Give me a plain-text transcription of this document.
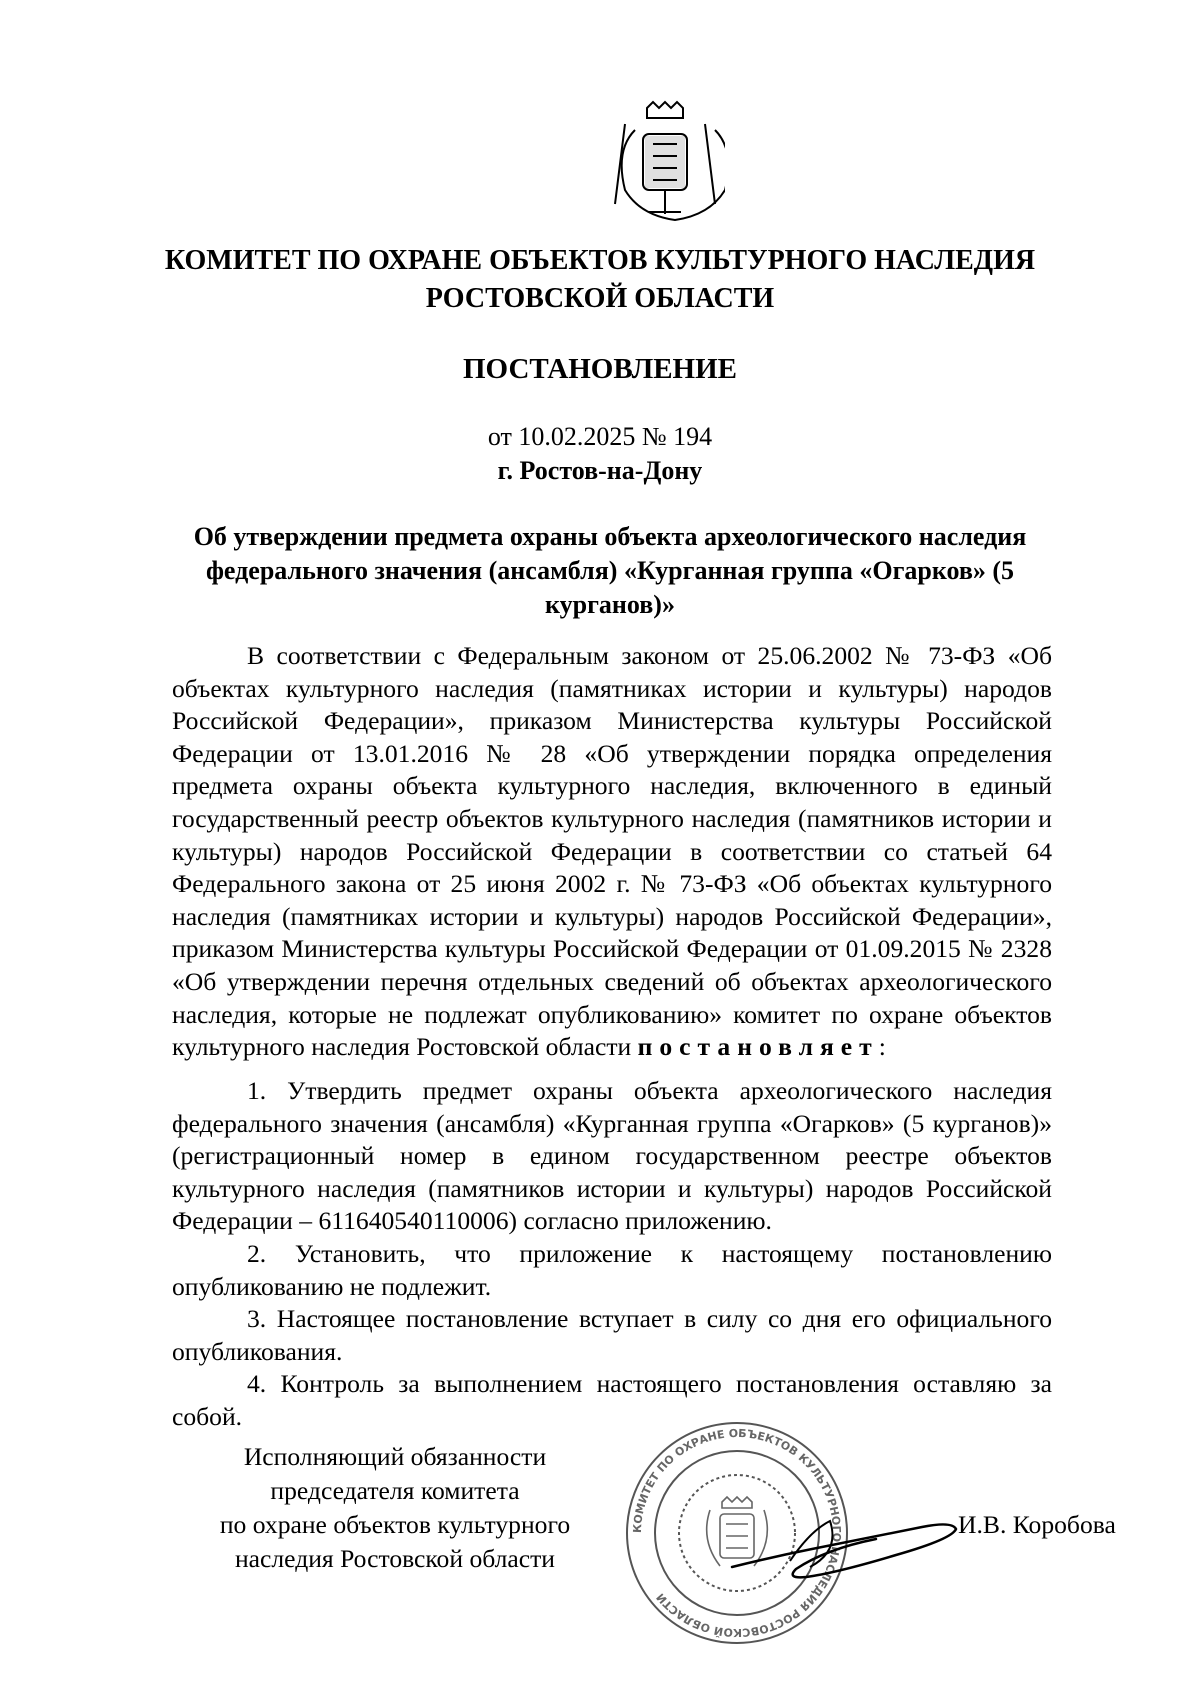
КОМИТЕТ ПО ОХРАНЕ ОБЪЕКТОВ КУЛЬТУРНОГО НАСЛЕДИЯ РОСТОВСКОЙ ОБЛАСТИ
ПОСТАНОВЛЕНИЕ
от 10.02.2025 № 194
г. Ростов-на-Дону
Об утверждении предмета охраны объекта археологического наследия федерального значения (ансамбля) «Курганная группа «Огарков» (5 курганов)»
В соответствии с Федеральным законом от 25.06.2002 № 73-ФЗ «Об объектах культурного наследия (памятниках истории и культуры) народов Российской Федерации», приказом Министерства культуры Российской Федерации от 13.01.2016 № 28 «Об утверждении порядка определения предмета охраны объекта культурного наследия, включенного в единый государственный реестр объектов культурного наследия (памятников истории и культуры) народов Российской Федерации в соответствии со статьей 64 Федерального закона от 25 июня 2002 г. № 73-ФЗ «Об объектах культурного наследия (памятниках истории и культуры) народов Российской Федерации», приказом Министерства культуры Российской Федерации от 01.09.2015 № 2328 «Об утверждении перечня отдельных сведений об объектах археологического наследия, которые не подлежат опубликованию» комитет по охране объектов культурного наследия Ростовской области постановляет:

1. Утвердить предмет охраны объекта археологического наследия федерального значения (ансамбля) «Курганная группа «Огарков» (5 курганов)» (регистрационный номер в едином государственном реестре объектов культурного наследия (памятников истории и культуры) народов Российской Федерации – 611640540110006) согласно приложению.

2. Установить, что приложение к настоящему постановлению опубликованию не подлежит.

3. Настоящее постановление вступает в силу со дня его официального опубликования.

4. Контроль за выполнением настоящего постановления оставляю за собой.

Исполняющий обязанности
председателя комитета
по охране объектов культурного
наследия Ростовской области
КОМИТЕТ ПО ОХРАНЕ ОБЪЕКТОВ КУЛЬТУРНОГО НАСЛЕДИЯ РОСТОВСКОЙ ОБЛАСТИ
И.В. Коробова
